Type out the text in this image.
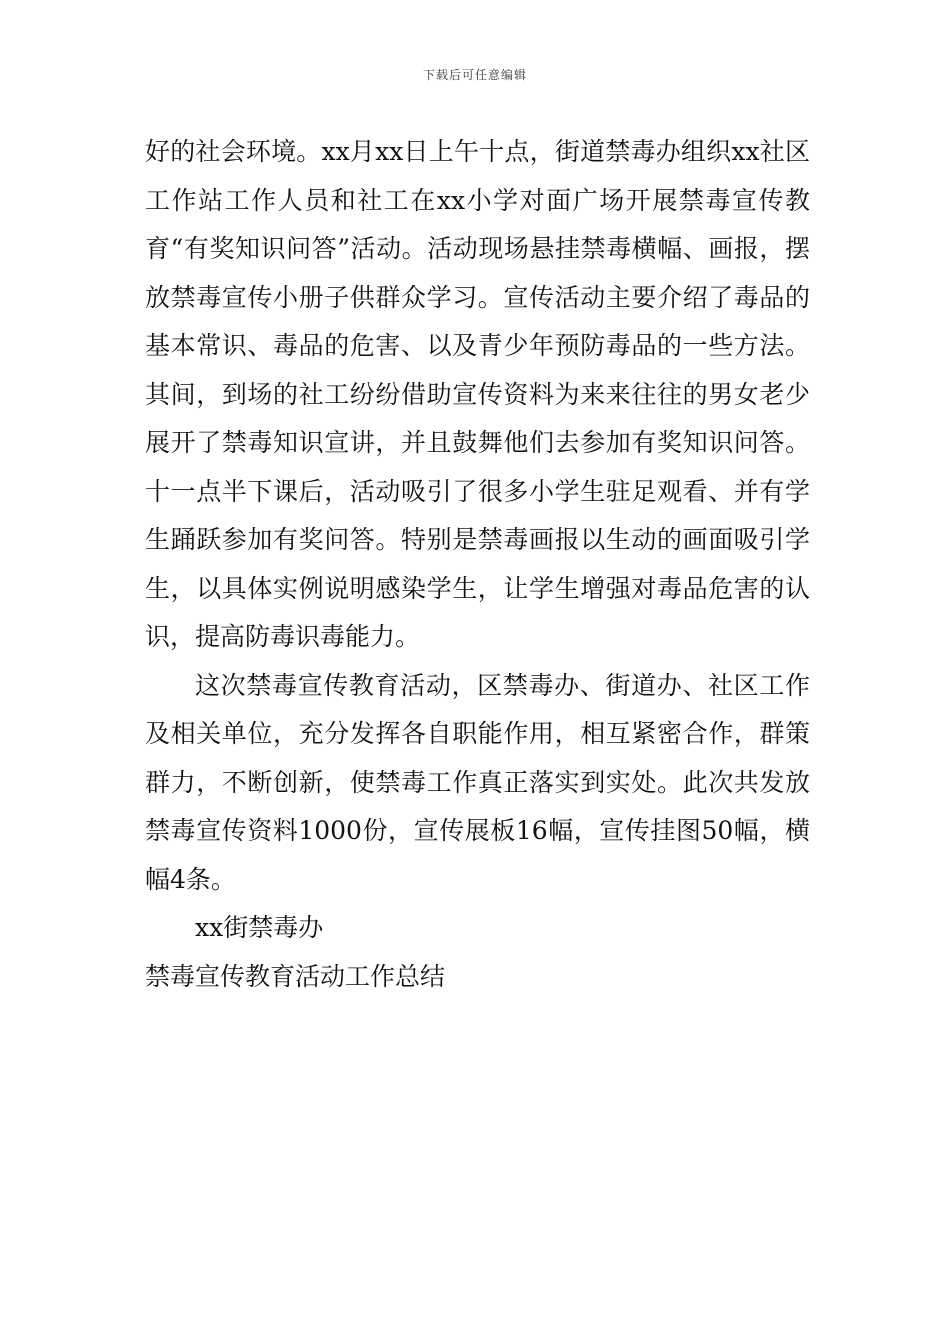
下载后可任意编辑

好的社会环境。xx月xx日上午十点，街道禁毒办组织xx社区工作站工作人员和社工在xx小学对面广场开展禁毒宣传教育“有奖知识问答”活动。活动现场悬挂禁毒横幅、画报，摆放禁毒宣传小册子供群众学习。宣传活动主要介绍了毒品的基本常识、毒品的危害、以及青少年预防毒品的一些方法。其间，到场的社工纷纷借助宣传资料为来来往往的男女老少展开了禁毒知识宣讲，并且鼓舞他们去参加有奖知识问答。十一点半下课后，活动吸引了很多小学生驻足观看、并有学生踊跃参加有奖问答。特别是禁毒画报以生动的画面吸引学生，以具体实例说明感染学生，让学生增强对毒品危害的认识，提高防毒识毒能力。

这次禁毒宣传教育活动，区禁毒办、街道办、社区工作及相关单位，充分发挥各自职能作用，相互紧密合作，群策群力，不断创新，使禁毒工作真正落实到实处。此次共发放禁毒宣传资料1000份，宣传展板16幅，宣传挂图50幅，横幅4条。

xx街禁毒办

禁毒宣传教育活动工作总结
